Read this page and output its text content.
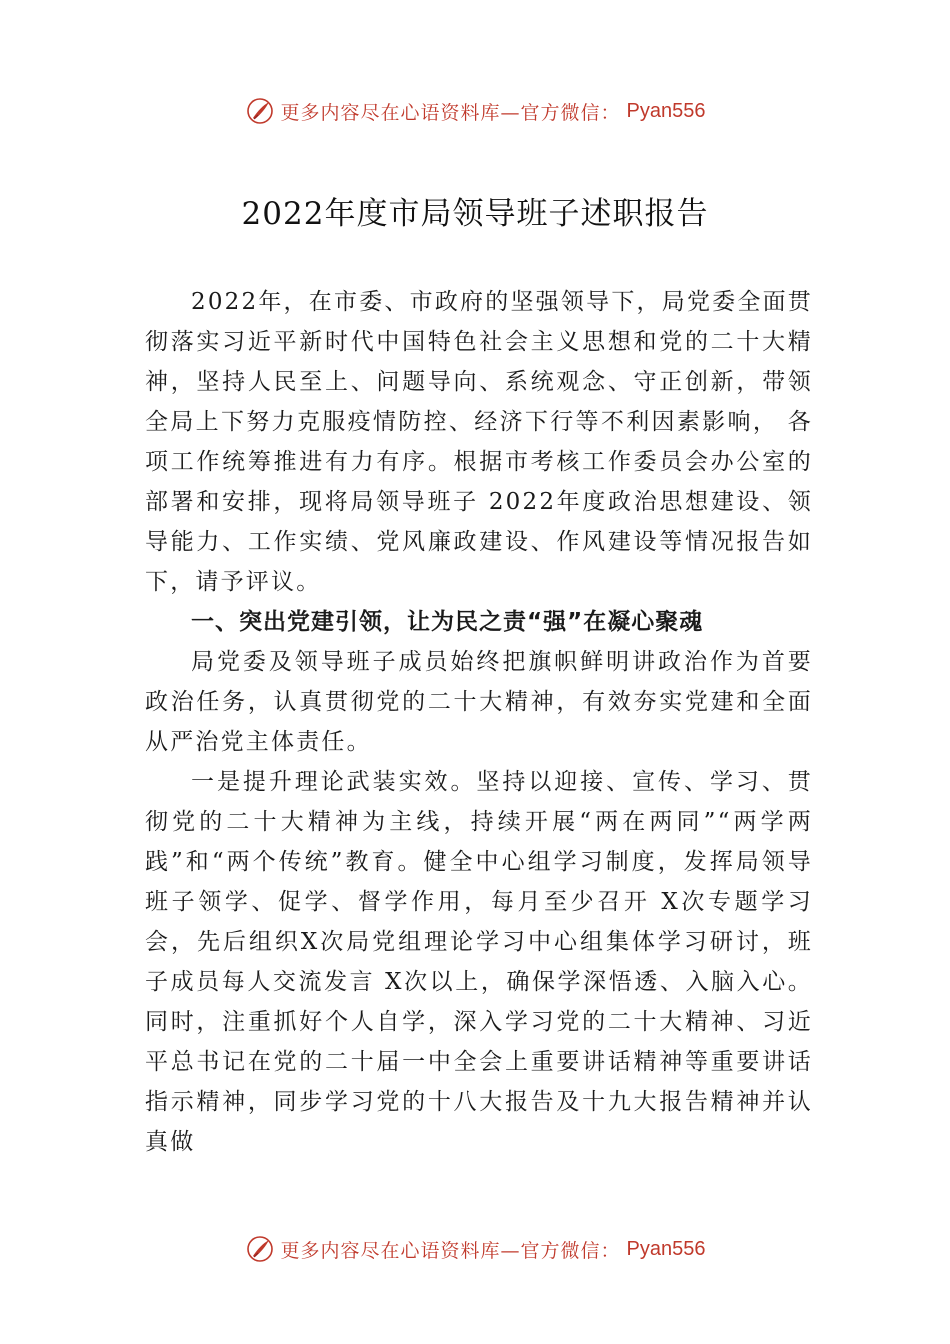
更多内容尽在心语资料库—官方微信： Pyan556
2022年度市局领导班子述职报告

2022年，在市委、市政府的坚强领导下，局党委全面贯彻落实习近平新时代中国特色社会主义思想和党的二十大精神，坚持人民至上、问题导向、系统观念、守正创新，带领全局上下努力克服疫情防控、经济下行等不利因素影响， 各项工作统筹推进有力有序。根据市考核工作委员会办公室的部署和安排，现将局领导班子 2022年度政治思想建设、领导能力、工作实绩、党风廉政建设、作风建设等情况报告如下，请予评议。

一、突出党建引领，让为民之责“强”在凝心聚魂

局党委及领导班子成员始终把旗帜鲜明讲政治作为首要政治任务，认真贯彻党的二十大精神，有效夯实党建和全面从严治党主体责任。

一是提升理论武装实效。坚持以迎接、宣传、学习、贯彻党的二十大精神为主线，持续开展“两在两同”“两学两践”和“两个传统”教育。健全中心组学习制度，发挥局领导班子领学、促学、督学作用，每月至少召开 X次专题学习会，先后组织X次局党组理论学习中心组集体学习研讨，班子成员每人交流发言 X次以上，确保学深悟透、入脑入心。同时，注重抓好个人自学，深入学习党的二十大精神、习近平总书记在党的二十届一中全会上重要讲话精神等重要讲话指示精神，同步学习党的十八大报告及十九大报告精神并认真做

更多内容尽在心语资料库—官方微信： Pyan556
